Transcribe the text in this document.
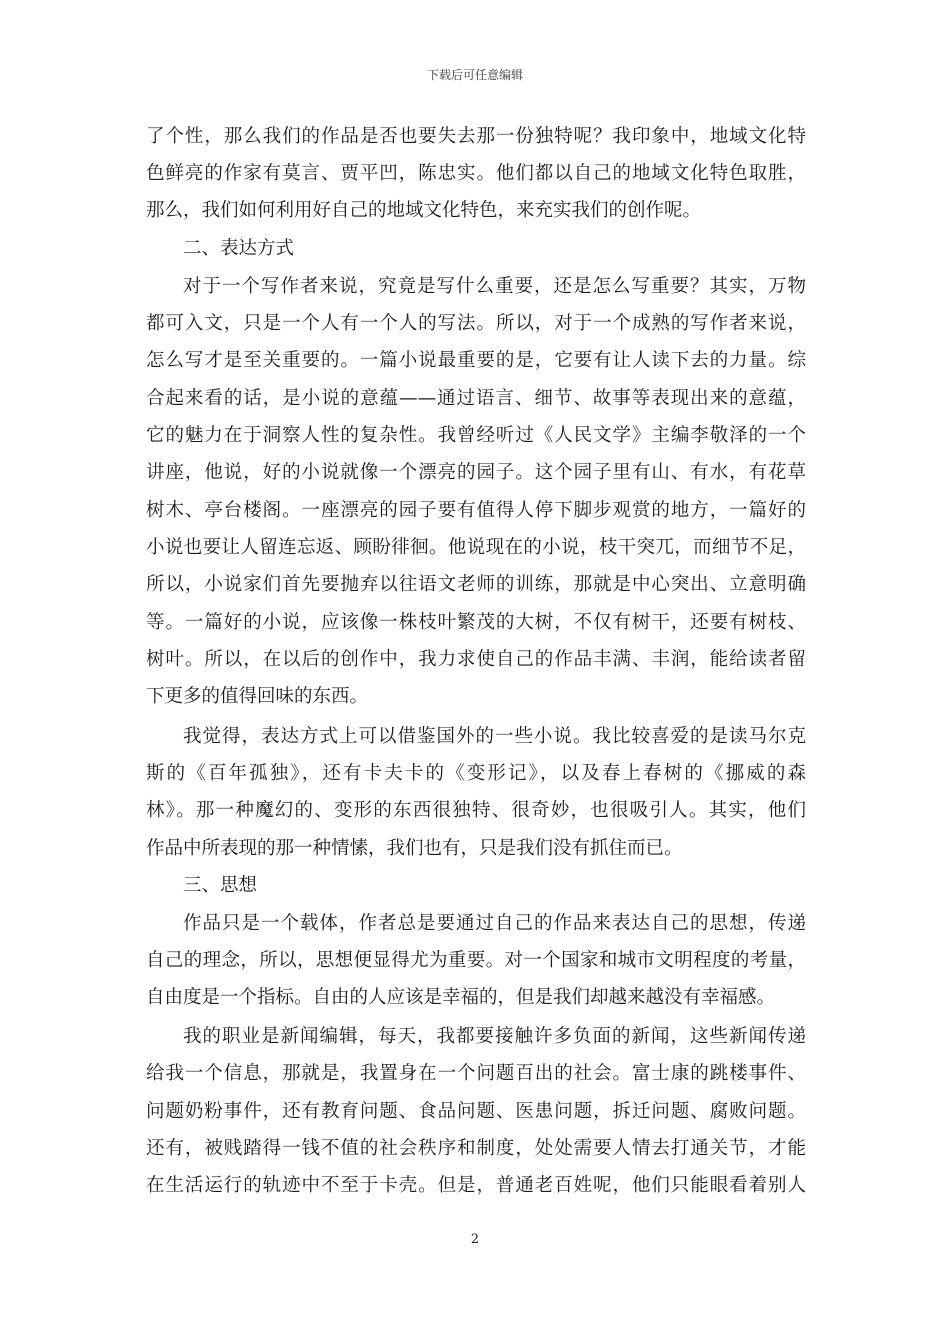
下载后可任意编辑
了个性，那么我们的作品是否也要失去那一份独特呢？我印象中，地域文化特
色鲜亮的作家有莫言、贾平凹，陈忠实。他们都以自己的地域文化特色取胜，
那么，我们如何利用好自己的地域文化特色，来充实我们的创作呢。
二、表达方式
对于一个写作者来说，究竟是写什么重要，还是怎么写重要？其实，万物
都可入文，只是一个人有一个人的写法。所以，对于一个成熟的写作者来说，
怎么写才是至关重要的。一篇小说最重要的是，它要有让人读下去的力量。综
合起来看的话，是小说的意蕴——通过语言、细节、故事等表现出来的意蕴，
它的魅力在于洞察人性的复杂性。我曾经听过《人民文学》主编李敬泽的一个
讲座，他说，好的小说就像一个漂亮的园子。这个园子里有山、有水，有花草
树木、亭台楼阁。一座漂亮的园子要有值得人停下脚步观赏的地方，一篇好的
小说也要让人留连忘返、顾盼徘徊。他说现在的小说，枝干突兀，而细节不足，
所以，小说家们首先要抛弃以往语文老师的训练，那就是中心突出、立意明确
等。一篇好的小说，应该像一株枝叶繁茂的大树，不仅有树干，还要有树枝、
树叶。所以，在以后的创作中，我力求使自己的作品丰满、丰润，能给读者留
下更多的值得回味的东西。
我觉得，表达方式上可以借鉴国外的一些小说。我比较喜爱的是读马尔克
斯的《百年孤独》，还有卡夫卡的《变形记》，以及春上春树的《挪威的森
林》。那一种魔幻的、变形的东西很独特、很奇妙，也很吸引人。其实，他们
作品中所表现的那一种情愫，我们也有，只是我们没有抓住而已。
三、思想
作品只是一个载体，作者总是要通过自己的作品来表达自己的思想，传递
自己的理念，所以，思想便显得尤为重要。对一个国家和城市文明程度的考量，
自由度是一个指标。自由的人应该是幸福的，但是我们却越来越没有幸福感。
我的职业是新闻编辑，每天，我都要接触许多负面的新闻，这些新闻传递
给我一个信息，那就是，我置身在一个问题百出的社会。富士康的跳楼事件、
问题奶粉事件，还有教育问题、食品问题、医患问题，拆迁问题、腐败问题。
还有，被贱踏得一钱不值的社会秩序和制度，处处需要人情去打通关节，才能
在生活运行的轨迹中不至于卡壳。但是，普通老百姓呢，他们只能眼看着别人
2
